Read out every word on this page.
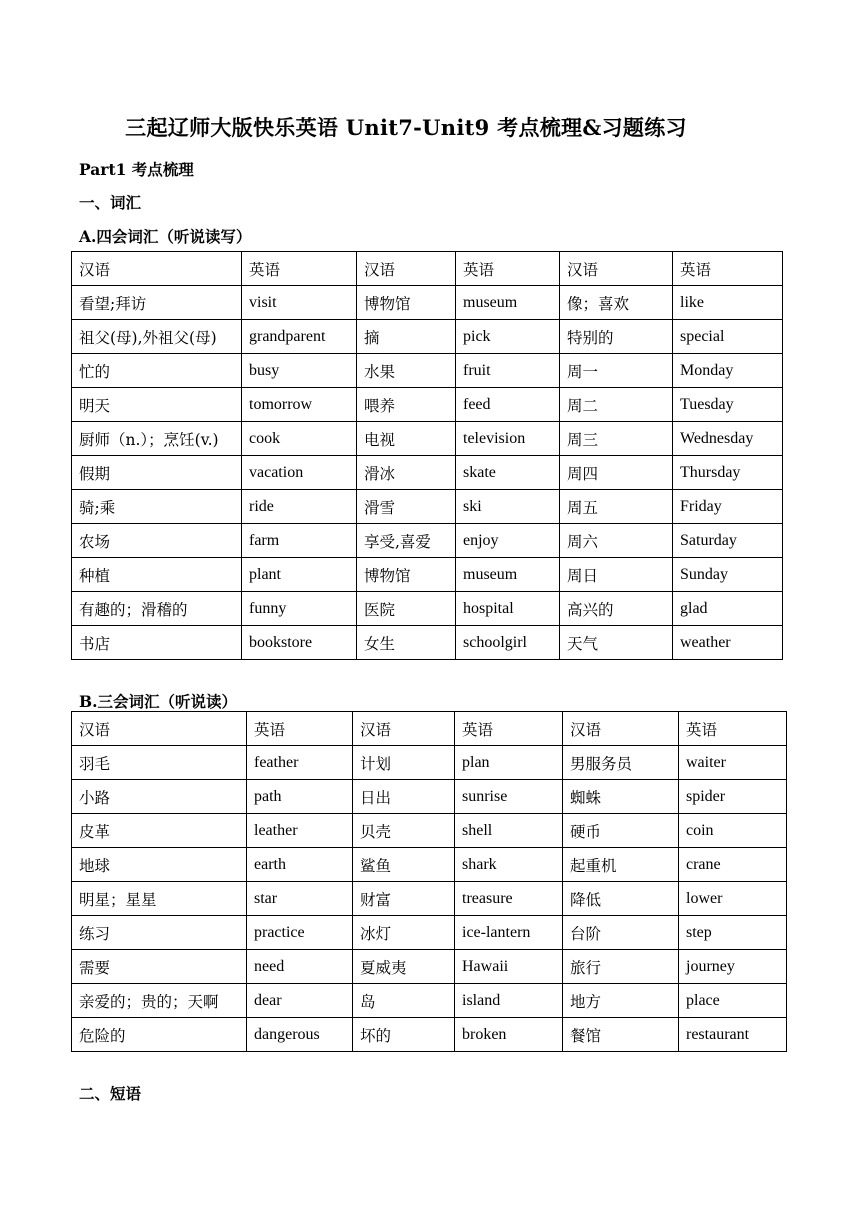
三起辽师大版快乐英语 Unit7-Unit9 考点梳理&习题练习
Part1 考点梳理
一、词汇
A.四会词汇（听说读写）
汉语	英语	汉语	英语	汉语	英语
看望;拜访	visit	博物馆	museum	像；喜欢	like
祖父(母),外祖父(母)	grandparent	摘	pick	特别的	special
忙的	busy	水果	fruit	周一	Monday
明天	tomorrow	喂养	feed	周二	Tuesday
厨师（n.）；烹饪(v.)	cook	电视	television	周三	Wednesday
假期	vacation	滑冰	skate	周四	Thursday
骑;乘	ride	滑雪	ski	周五	Friday
农场	farm	享受,喜爱	enjoy	周六	Saturday
种植	plant	博物馆	museum	周日	Sunday
有趣的；滑稽的	funny	医院	hospital	高兴的	glad
书店	bookstore	女生	schoolgirl	天气	weather
B.三会词汇（听说读）
汉语	英语	汉语	英语	汉语	英语
羽毛	feather	计划	plan	男服务员	waiter
小路	path	日出	sunrise	蜘蛛	spider
皮革	leather	贝壳	shell	硬币	coin
地球	earth	鲨鱼	shark	起重机	crane
明星；星星	star	财富	treasure	降低	lower
练习	practice	冰灯	ice-lantern	台阶	step
需要	need	夏威夷	Hawaii	旅行	journey
亲爱的；贵的；天啊	dear	岛	island	地方	place
危险的	dangerous	坏的	broken	餐馆	restaurant
二、短语
